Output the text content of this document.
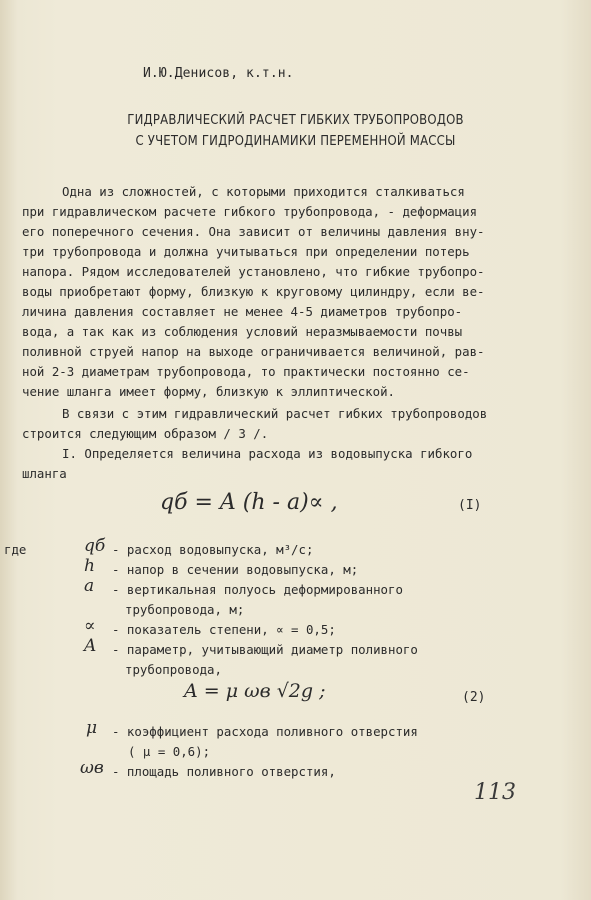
И.Ю.Денисов, к.т.н.
ГИДРАВЛИЧЕСКИЙ РАСЧЕТ ГИБКИХ ТРУБОПРОВОДОВ
С УЧЕТОМ ГИДРОДИНАМИКИ ПЕРЕМЕННОЙ МАССЫ
Одна из сложностей, с которыми приходится сталкиваться
при гидравлическом расчете гибкого трубопровода, - деформация
его поперечного сечения. Она зависит от величины давления вну-
три трубопровода и должна учитываться при определении потерь
напора. Рядом исследователей установлено, что гибкие трубопро-
воды приобретают форму, близкую к круговому цилиндру, если ве-
личина давления составляет не менее 4-5 диаметров трубопро-
вода, а так как из соблюдения условий неразмываемости почвы
поливной струей напор на выходе ограничивается величиной, рав-
ной 2-3 диаметрам трубопровода, то практически постоянно се-
чение шланга имеет форму, близкую к эллиптической.
В связи с этим гидравлический расчет гибких трубопроводов
строится следующим образом / 3 /.
I. Определяется величина расхода из водовыпуска гибкого
шланга
qб = A (h - a)∝ ,	(I)
где	qб - расход водовыпуска, м³/с;
h - напор в сечении водовыпуска, м;
a - вертикальная полуось деформированного
трубопровода, м;
∝ - показатель степени, ∝ = 0,5;
A - параметр, учитывающий диаметр поливного
трубопровода,
A = μ ωв √2g ;	(2)
μ - коэффициент расхода поливного отверстия
( μ = 0,6);
ωв - площадь поливного отверстия,
113
